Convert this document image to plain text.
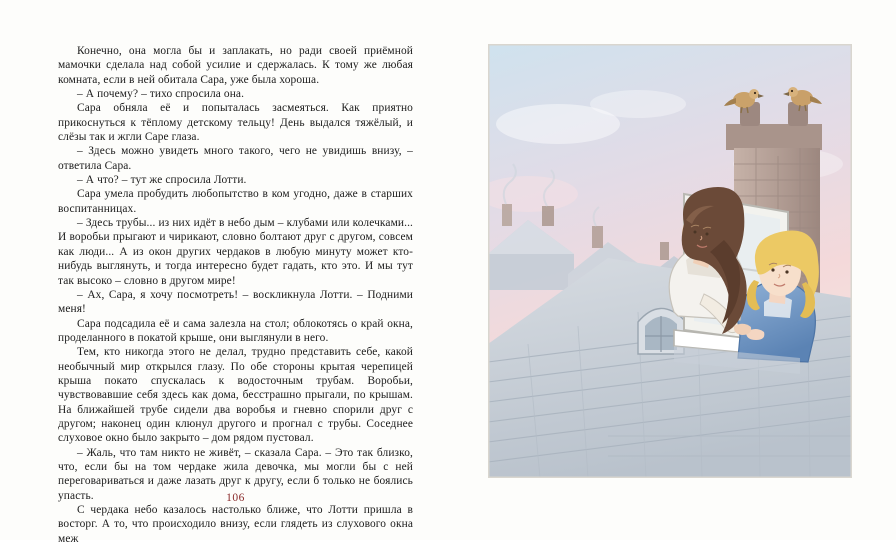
Конечно, она могла бы и заплакать, но ради своей приёмной мамочки сделала над собой усилие и сдержалась. К тому же любая комната, если в ней обитала Сара, уже была хороша.

– А почему? – тихо спросила она.

Сара обняла её и попыталась засмеяться. Как приятно прикоснуться к тёплому детскому тельцу! День выдался тяжёлый, и слёзы так и жгли Саре глаза.

– Здесь можно увидеть много такого, чего не увидишь внизу, – ответила Сара.

– А что? – тут же спросила Лотти.

Сара умела пробудить любопытство в ком угодно, даже в старших воспитанницах.

– Здесь трубы... из них идёт в небо дым – клубами или колечками... И воробьи прыгают и чирикают, словно болтают друг с другом, совсем как люди... А из окон других чердаков в любую минуту может кто-нибудь выглянуть, и тогда интересно будет гадать, кто это. И мы тут так высоко – словно в другом мире!

– Ах, Сара, я хочу посмотреть! – воскликнула Лотти. – Подними меня!

Сара подсадила её и сама залезла на стол; облокотясь о край окна, проделанного в покатой крыше, они выглянули в него.

Тем, кто никогда этого не делал, трудно представить себе, какой необычный мир открылся глазу. По обе стороны крытая черепицей крыша покато спускалась к водосточным трубам. Воробьи, чувствовавшие себя здесь как дома, бесстрашно прыгали, по крышам. На ближайшей трубе сидели два воробья и гневно спорили друг с другом; наконец один клюнул другого и прогнал с трубы. Соседнее слуховое окно было закрыто – дом рядом пустовал.

– Жаль, что там никто не живёт, – сказала Сара. – Это так близко, что, если бы на том чердаке жила девочка, мы могли бы с ней переговариваться и даже лазать друг к другу, если б только не боялись упасть.

С чердака небо казалось настолько ближе, что Лотти пришла в восторг. А то, что происходило внизу, если глядеть из слухового окна меж

106
